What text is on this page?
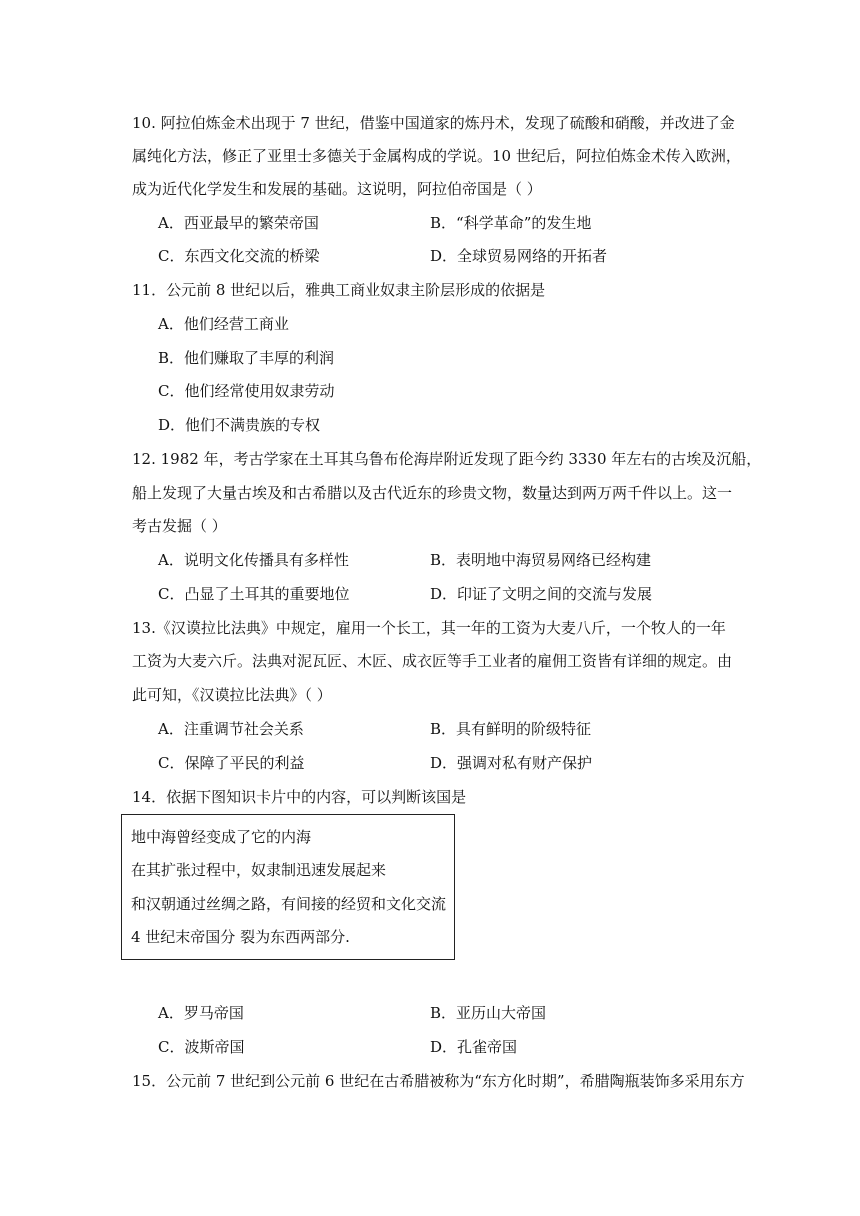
10. 阿拉伯炼金术出现于 7 世纪，借鉴中国道家的炼丹术，发现了硫酸和硝酸，并改进了金
属纯化方法，修正了亚里士多德关于金属构成的学说。10 世纪后，阿拉伯炼金术传入欧洲，
成为近代化学发生和发展的基础。这说明，阿拉伯帝国是（ ）
A．西亚最早的繁荣帝国	B．“科学革命”的发生地
C．东西文化交流的桥梁	D．全球贸易网络的开拓者
11．公元前 8 世纪以后，雅典工商业奴隶主阶层形成的依据是
A．他们经营工商业
B．他们赚取了丰厚的利润
C．他们经常使用奴隶劳动
D．他们不满贵族的专权
12. 1982 年，考古学家在土耳其乌鲁布伦海岸附近发现了距今约 3330 年左右的古埃及沉船，
船上发现了大量古埃及和古希腊以及古代近东的珍贵文物，数量达到两万两千件以上。这一
考古发掘（ ）
A．说明文化传播具有多样性	B．表明地中海贸易网络已经构建
C．凸显了土耳其的重要地位	D．印证了文明之间的交流与发展
13.《汉谟拉比法典》中规定，雇用一个长工，其一年的工资为大麦八斤，一个牧人的一年
工资为大麦六斤。法典对泥瓦匠、木匠、成衣匠等手工业者的雇佣工资皆有详细的规定。由
此可知，《汉谟拉比法典》（ ）
A．注重调节社会关系	B．具有鲜明的阶级特征
C．保障了平民的利益	D．强调对私有财产保护
14．依据下图知识卡片中的内容，可以判断该国是
地中海曾经变成了它的内海
在其扩张过程中，奴隶制迅速发展起来
和汉朝通过丝绸之路，有间接的经贸和文化交流
4 世纪末帝国分 裂为东西两部分.
A．罗马帝国	B．亚历山大帝国
C．波斯帝国	D．孔雀帝国
15．公元前 7 世纪到公元前 6 世纪在古希腊被称为“东方化时期”，希腊陶瓶装饰多采用东方
